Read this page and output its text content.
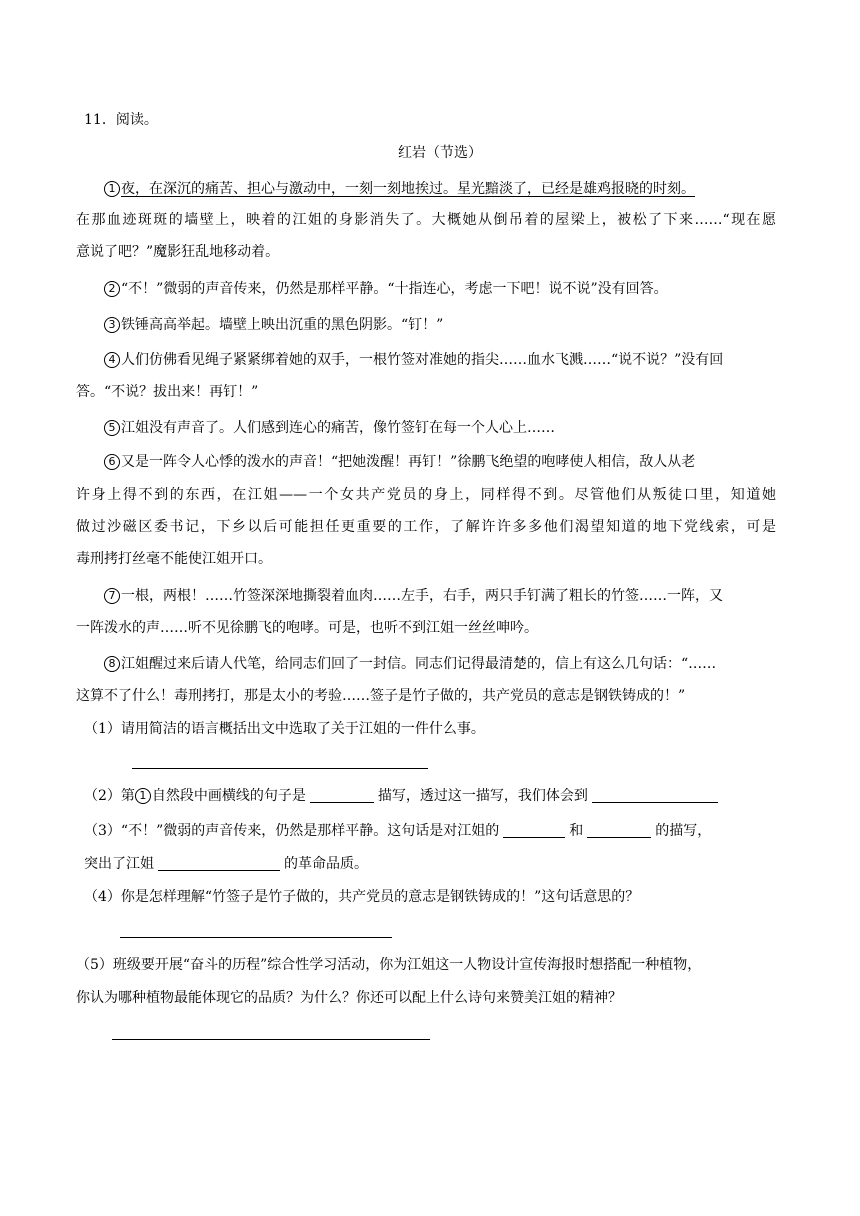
11．阅读。
红岩（节选）
1 夜，在深沉的痛苦、担心与激动中，一刻一刻地挨过。星光黯淡了，已经是雄鸡报晓的时刻。
在那血迹斑斑的墙壁上，映着的江姐的身影消失了。大概她从倒吊着的屋梁上，被松了下来……“现在愿
意说了吧？”魔影狂乱地移动着。
2 “不！”微弱的声音传来，仍然是那样平静。“十指连心，考虑一下吧！说不说”没有回答。
3 铁锤高高举起。墙壁上映出沉重的黑色阴影。“钉！”
4 人们仿佛看见绳子紧紧绑着她的双手，一根竹签对准她的指尖……血水飞溅……“说不说？”没有回
答。“不说？拔出来！再钉！”
5 江姐没有声音了。人们感到连心的痛苦，像竹签钉在每一个人心上……
6 又是一阵令人心悸的泼水的声音！“把她泼醒！再钉！”徐鹏飞绝望的咆哮使人相信，敌人从老
许身上得不到的东西，在江姐——一个女共产党员的身上，同样得不到。尽管他们从叛徒口里，知道她
做过沙磁区委书记，下乡以后可能担任更重要的工作，了解许许多多他们渴望知道的地下党线索，可是
毒刑拷打丝毫不能使江姐开口。
7 一根，两根！……竹签深深地撕裂着血肉……左手，右手，两只手钉满了粗长的竹签……一阵，又
一阵泼水的声……听不见徐鹏飞的咆哮。可是，也听不到江姐一丝丝呻吟。
8 江姐醒过来后请人代笔，给同志们回了一封信。同志们记得最清楚的，信上有这么几句话：“……
这算不了什么！毒刑拷打，那是太小的考验……签子是竹子做的，共产党员的意志是钢铁铸成的！”
（1）请用简洁的语言概括出文中选取了关于江姐的一件什么事。
（2）第 1 自然段中画横线的句子是	描写，透过这一描写，我们体会到
（3）“不！”微弱的声音传来，仍然是那样平静。这句话是对江姐的	和	的描写，
突出了江姐	的革命品质。
（4）你是怎样理解“竹签子是竹子做的，共产党员的意志是钢铁铸成的！”这句话意思的？
（5）班级要开展“奋斗的历程”综合性学习活动，你为江姐这一人物设计宣传海报时想搭配一种植物，
你认为哪种植物最能体现它的品质？为什么？你还可以配上什么诗句来赞美江姐的精神？
